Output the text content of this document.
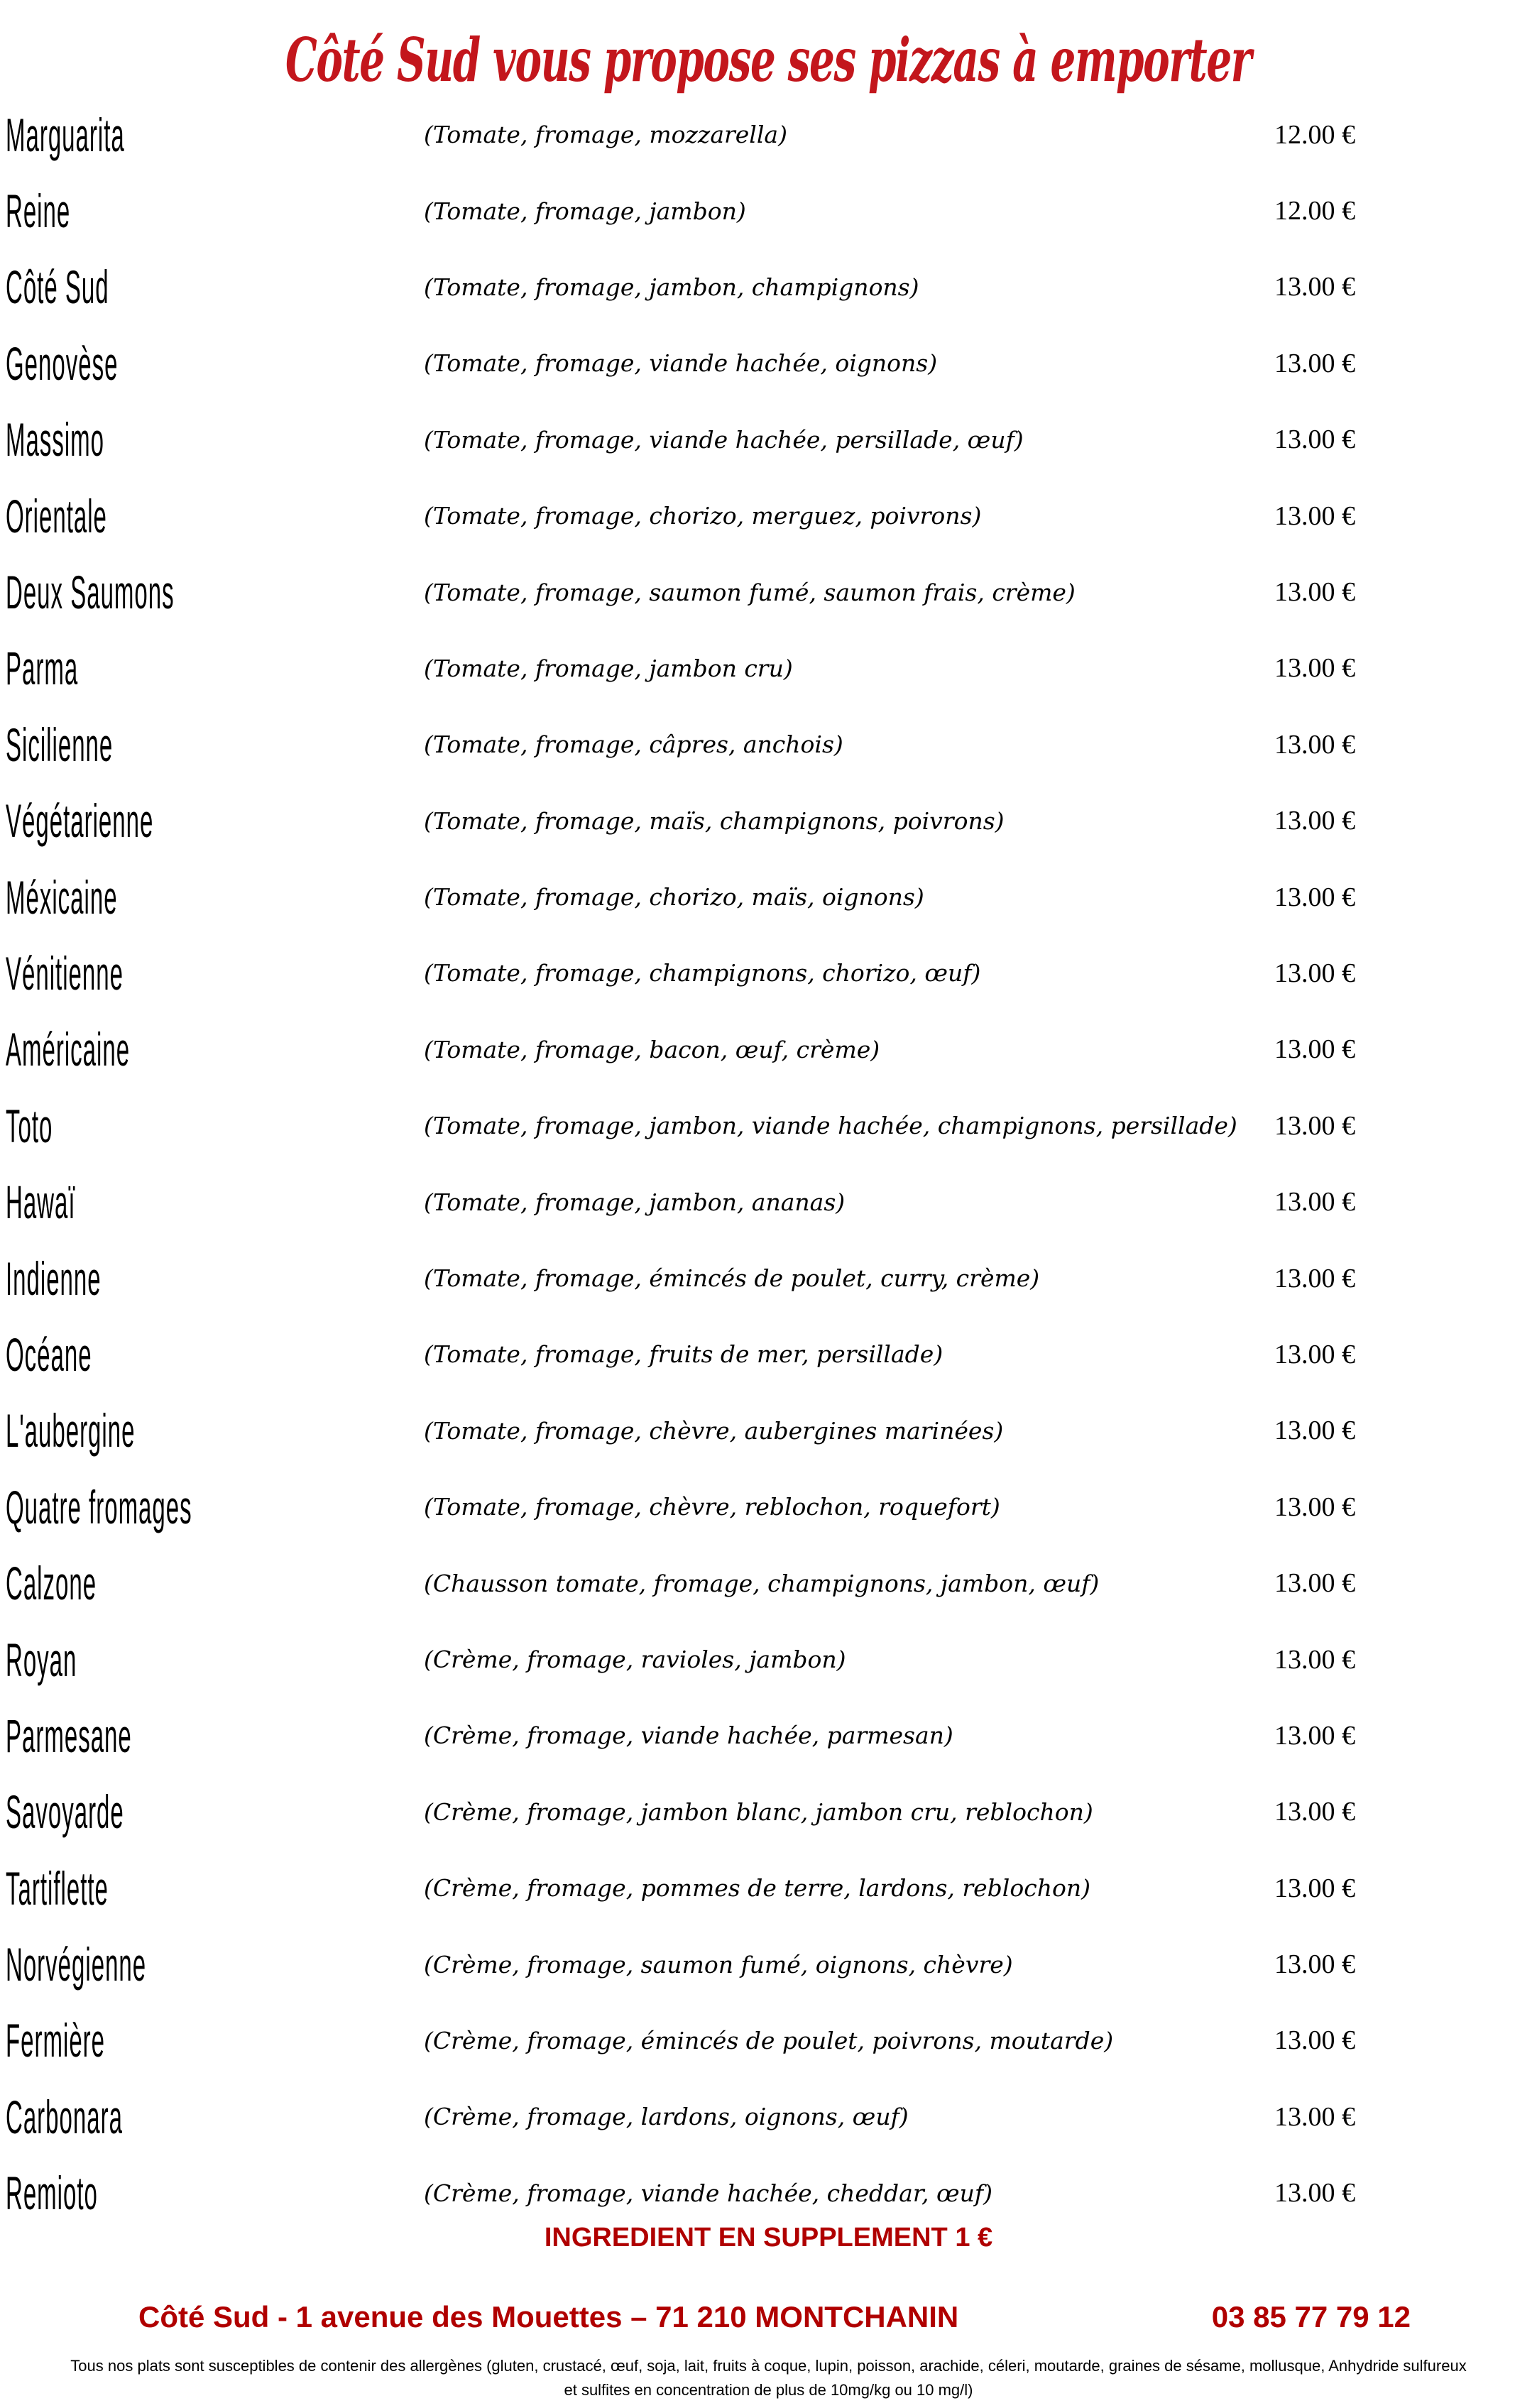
Côté Sud vous propose ses pizzas à emporter
Marguarita	(Tomate, fromage, mozzarella)	12.00 €
Reine	(Tomate, fromage, jambon)	12.00 €
Côté Sud	(Tomate, fromage, jambon, champignons)	13.00 €
Genovèse	(Tomate, fromage, viande hachée, oignons)	13.00 €
Massimo	(Tomate, fromage, viande hachée, persillade, œuf)	13.00 €
Orientale	(Tomate, fromage, chorizo, merguez, poivrons)	13.00 €
Deux Saumons	(Tomate, fromage, saumon fumé, saumon frais, crème)	13.00 €
Parma	(Tomate, fromage, jambon cru)	13.00 €
Sicilienne	(Tomate, fromage, câpres, anchois)	13.00 €
Végétarienne	(Tomate, fromage, maïs, champignons, poivrons)	13.00 €
Méxicaine	(Tomate, fromage, chorizo, maïs, oignons)	13.00 €
Vénitienne	(Tomate, fromage, champignons, chorizo, œuf)	13.00 €
Américaine	(Tomate, fromage, bacon, œuf, crème)	13.00 €
Toto	(Tomate, fromage, jambon, viande hachée, champignons, persillade)	13.00 €
Hawaï	(Tomate, fromage, jambon, ananas)	13.00 €
Indienne	(Tomate, fromage, émincés de poulet, curry, crème)	13.00 €
Océane	(Tomate, fromage, fruits de mer, persillade)	13.00 €
L'aubergine	(Tomate, fromage, chèvre, aubergines marinées)	13.00 €
Quatre fromages	(Tomate, fromage, chèvre, reblochon, roquefort)	13.00 €
Calzone	(Chausson tomate, fromage, champignons, jambon, œuf)	13.00 €
Royan	(Crème, fromage, ravioles, jambon)	13.00 €
Parmesane	(Crème, fromage, viande hachée, parmesan)	13.00 €
Savoyarde	(Crème, fromage, jambon blanc, jambon cru, reblochon)	13.00 €
Tartiflette	(Crème, fromage, pommes de terre, lardons, reblochon)	13.00 €
Norvégienne	(Crème, fromage, saumon fumé, oignons, chèvre)	13.00 €
Fermière	(Crème, fromage, émincés de poulet, poivrons, moutarde)	13.00 €
Carbonara	(Crème, fromage, lardons, oignons, œuf)	13.00 €
Remioto	(Crème, fromage, viande hachée, cheddar, œuf)	13.00 €
INGREDIENT EN SUPPLEMENT 1 €
Côté Sud - 1 avenue des Mouettes – 71 210 MONTCHANIN	03 85 77 79 12
Tous nos plats sont susceptibles de contenir des allergènes (gluten, crustacé, œuf, soja, lait, fruits à coque, lupin, poisson, arachide, céleri, moutarde, graines de sésame, mollusque, Anhydride sulfureux
et sulfites en concentration de plus de 10mg/kg ou 10 mg/l)
